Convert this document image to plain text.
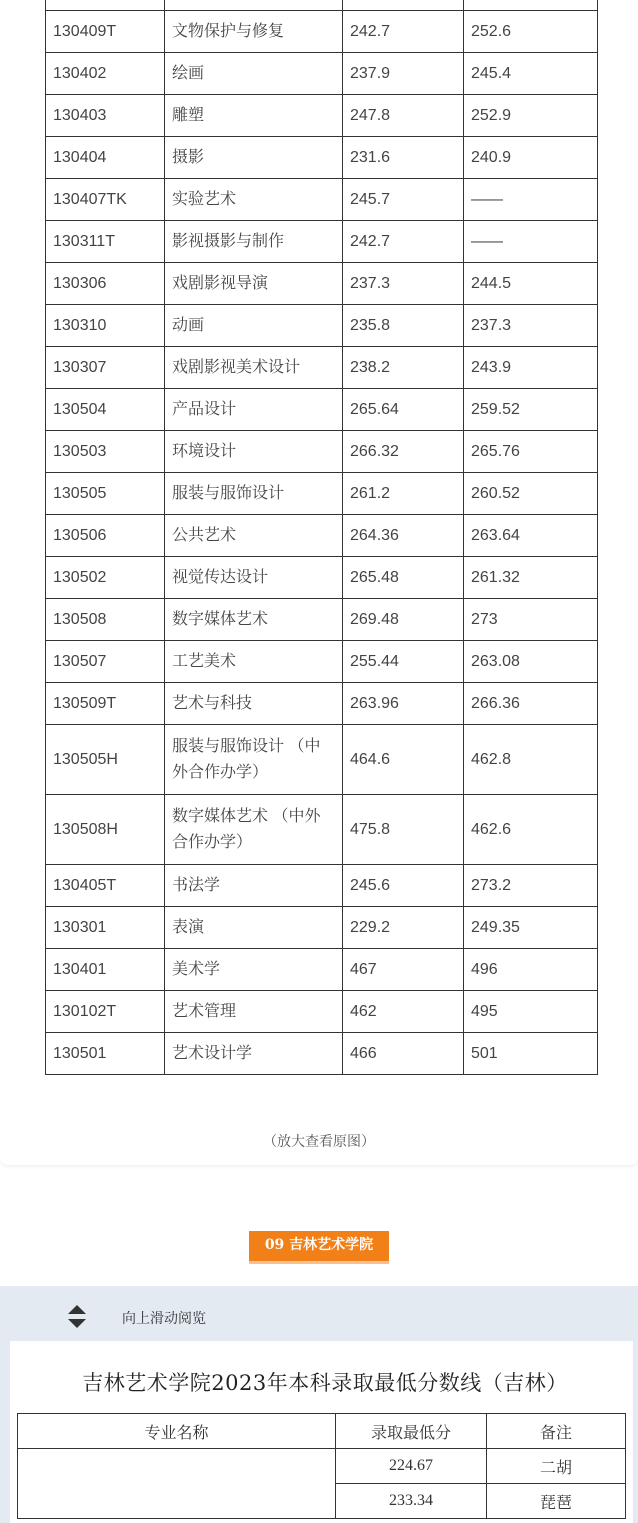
130409T	文物保护与修复	242.7	252.6
130402	绘画	237.9	245.4
130403	雕塑	247.8	252.9
130404	摄影	231.6	240.9
130407TK	实验艺术	245.7	——
130311T	影视摄影与制作	242.7	——
130306	戏剧影视导演	237.3	244.5
130310	动画	235.8	237.3
130307	戏剧影视美术设计	238.2	243.9
130504	产品设计	265.64	259.52
130503	环境设计	266.32	265.76
130505	服装与服饰设计	261.2	260.52
130506	公共艺术	264.36	263.64
130502	视觉传达设计	265.48	261.32
130508	数字媒体艺术	269.48	273
130507	工艺美术	255.44	263.08
130509T	艺术与科技	263.96	266.36
130505H	服装与服饰设计 （中外合作办学）	464.6	462.8
130508H	数字媒体艺术 （中外合作办学）	475.8	462.6
130405T	书法学	245.6	273.2
130301	表演	229.2	249.35
130401	美术学	467	496
130102T	艺术管理	462	495
130501	艺术设计学	466	501
（放大查看原图）
09 吉林艺术学院
向上滑动阅览
吉林艺术学院2023年本科录取最低分数线（吉林）
专业名称	录取最低分	备注
	224.67	二胡
	233.34	琵琶
